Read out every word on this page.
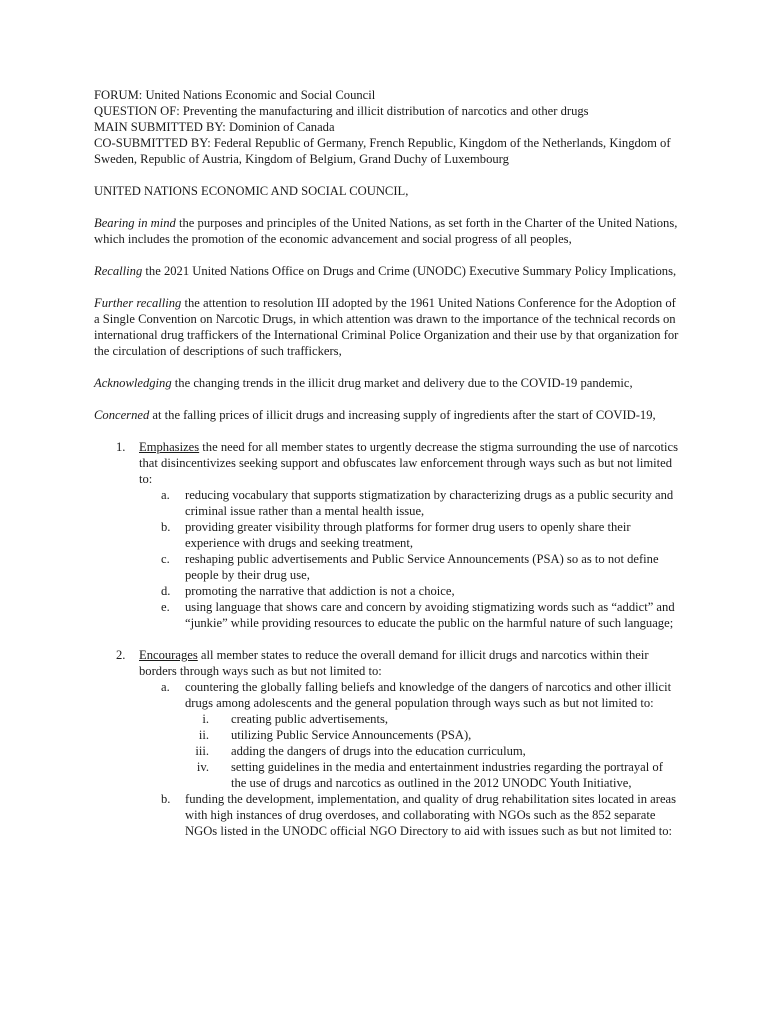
FORUM: United Nations Economic and Social Council

QUESTION OF: Preventing the manufacturing and illicit distribution of narcotics and other drugs

MAIN SUBMITTED BY: Dominion of Canada

CO-SUBMITTED BY: Federal Republic of Germany, French Republic, Kingdom of the Netherlands, Kingdom of Sweden, Republic of Austria, Kingdom of Belgium, Grand Duchy of Luxembourg

UNITED NATIONS ECONOMIC AND SOCIAL COUNCIL,

Bearing in mind the purposes and principles of the United Nations, as set forth in the Charter of the United Nations, which includes the promotion of the economic advancement and social progress of all peoples,

Recalling the 2021 United Nations Office on Drugs and Crime (UNODC) Executive Summary Policy Implications,

Further recalling the attention to resolution III adopted by the 1961 United Nations Conference for the Adoption of a Single Convention on Narcotic Drugs, in which attention was drawn to the importance of the technical records on international drug traffickers of the International Criminal Police Organization and their use by that organization for the circulation of descriptions of such traffickers,

Acknowledging the changing trends in the illicit drug market and delivery due to the COVID-19 pandemic,

Concerned at the falling prices of illicit drugs and increasing supply of ingredients after the start of COVID-19,

1. Emphasizes the need for all member states to urgently decrease the stigma surrounding the use of narcotics that disincentivizes seeking support and obfuscates law enforcement through ways such as but not limited to:

a. reducing vocabulary that supports stigmatization by characterizing drugs as a public security and criminal issue rather than a mental health issue,
b. providing greater visibility through platforms for former drug users to openly share their experience with drugs and seeking treatment,
c. reshaping public advertisements and Public Service Announcements (PSA) so as to not define people by their drug use,
d. promoting the narrative that addiction is not a choice,
e. using language that shows care and concern by avoiding stigmatizing words such as “addict” and “junkie” while providing resources to educate the public on the harmful nature of such language;
2. Encourages all member states to reduce the overall demand for illicit drugs and narcotics within their borders through ways such as but not limited to:

a. countering the globally falling beliefs and knowledge of the dangers of narcotics and other illicit drugs among adolescents and the general population through ways such as but not limited to:
i. creating public advertisements,
ii. utilizing Public Service Announcements (PSA),
iii. adding the dangers of drugs into the education curriculum,
iv. setting guidelines in the media and entertainment industries regarding the portrayal of the use of drugs and narcotics as outlined in the 2012 UNODC Youth Initiative,
b. funding the development, implementation, and quality of drug rehabilitation sites located in areas with high instances of drug overdoses, and collaborating with NGOs such as the 852 separate NGOs listed in the UNODC official NGO Directory to aid with issues such as but not limited to:
